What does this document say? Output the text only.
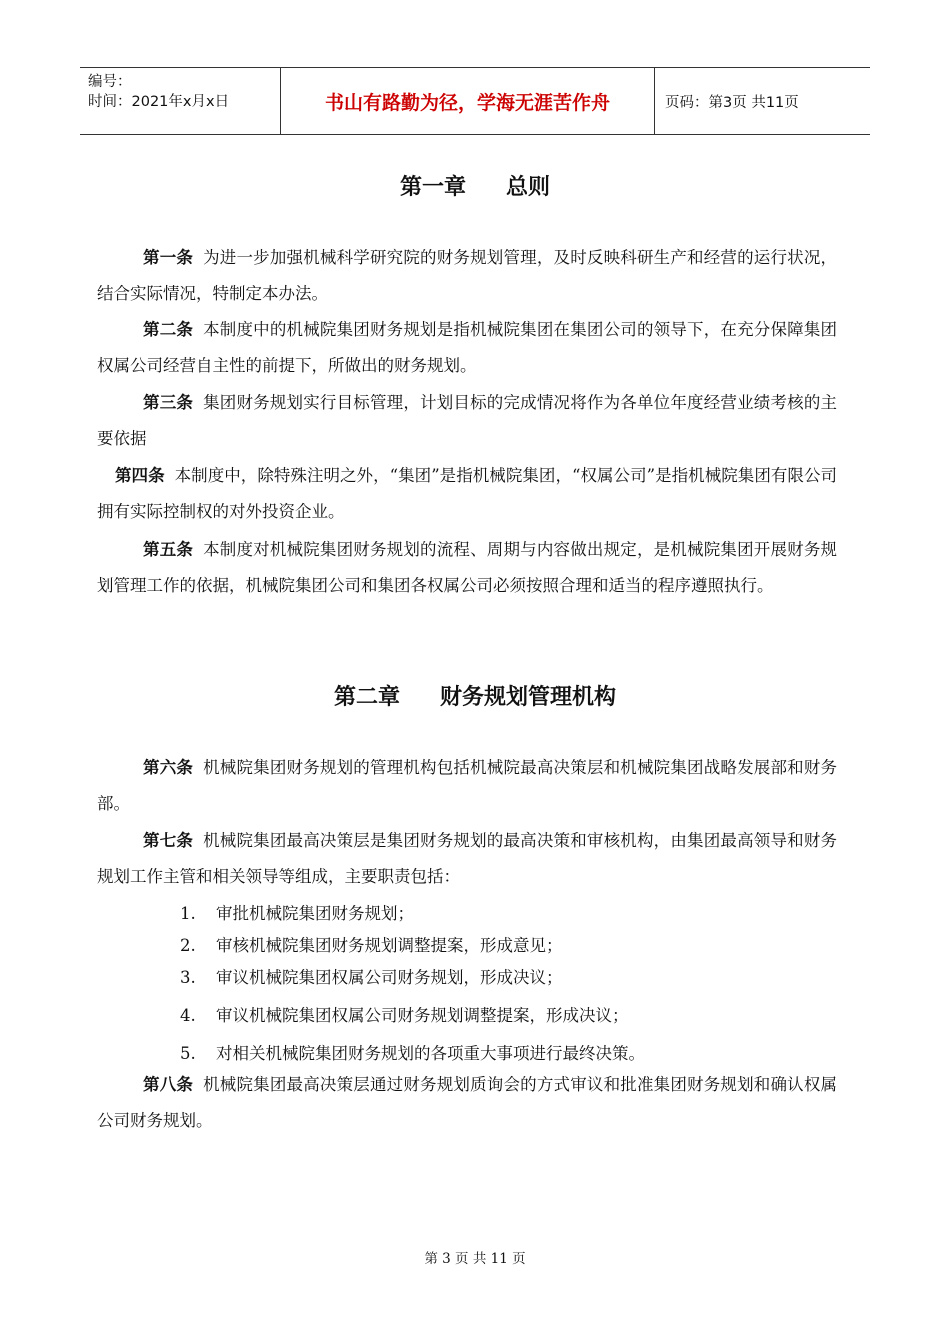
编号：
时间：2021年x月x日	书山有路勤为径，学海无涯苦作舟	页码：第3页 共11页
第一章 总则
第一条 为进一步加强机械科学研究院的财务规划管理，及时反映科研生产和经营的运行状况，结合实际情况，特制定本办法。
第二条 本制度中的机械院集团财务规划是指机械院集团在集团公司的领导下，在充分保障集团权属公司经营自主性的前提下，所做出的财务规划。
第三条 集团财务规划实行目标管理，计划目标的完成情况将作为各单位年度经营业绩考核的主要依据
第四条 本制度中，除特殊注明之外，“集团”是指机械院集团，“权属公司”是指机械院集团有限公司拥有实际控制权的对外投资企业。
第五条 本制度对机械院集团财务规划的流程、周期与内容做出规定，是机械院集团开展财务规划管理工作的依据，机械院集团公司和集团各权属公司必须按照合理和适当的程序遵照执行。
第二章 财务规划管理机构
第六条 机械院集团财务规划的管理机构包括机械院最高决策层和机械院集团战略发展部和财务部。
第七条 机械院集团最高决策层是集团财务规划的最高决策和审核机构，由集团最高领导和财务规划工作主管和相关领导等组成，主要职责包括：
1. 审批机械院集团财务规划；
2. 审核机械院集团财务规划调整提案，形成意见；
3. 审议机械院集团权属公司财务规划，形成决议；
4. 审议机械院集团权属公司财务规划调整提案，形成决议；
5. 对相关机械院集团财务规划的各项重大事项进行最终决策。
第八条 机械院集团最高决策层通过财务规划质询会的方式审议和批准集团财务规划和确认权属公司财务规划。
第 3 页 共 11 页
